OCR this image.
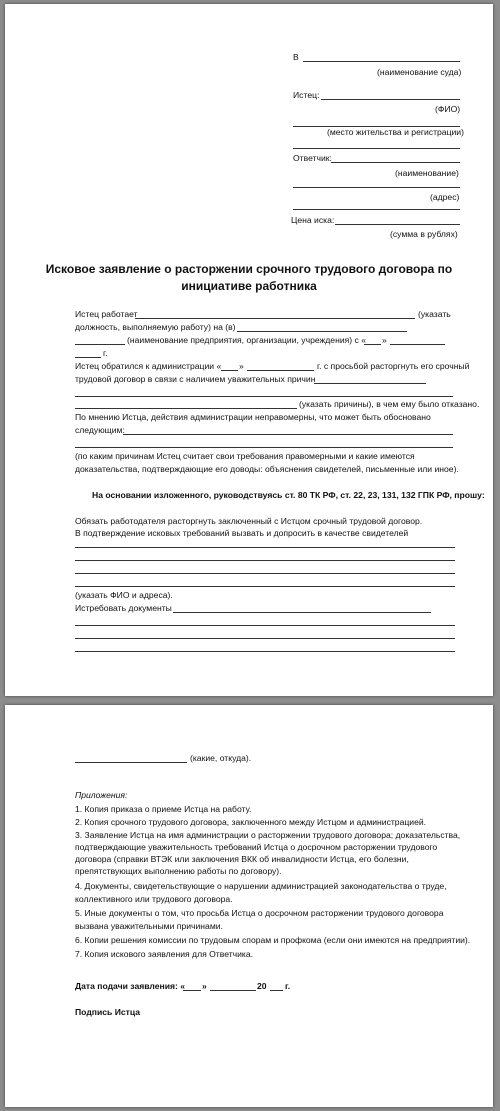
В
(наименование суда)
Истец:
(ФИО)
(место жительства и регистрации)
Ответчик:
(наименование)
(адрес)
Цена иска:
(сумма в рублях)
Исковое заявление о расторжении срочного трудового договора по
инициативе работника
Истец работает	(указать
должность, выполняемую работу) на (в)
(наименование предприятия, организации, учреждения) с « »
г.
Истец обратился к администрации « »	г. с просьбой расторгнуть его срочный
трудовой договор в связи с наличием уважительных причин
(указать причины), в чем ему было отказано.
По мнению Истца, действия администрации неправомерны, что может быть обосновано
следующим:
(по каким причинам Истец считает свои требования правомерными и какие имеются
доказательства, подтверждающие его доводы: объяснения свидетелей, письменные или иное).
На основании изложенного, руководствуясь ст. 80 ТК РФ, ст. 22, 23, 131, 132 ГПК РФ, прошу:
Обязать работодателя расторгнуть заключенный с Истцом срочный трудовой договор.
В подтверждение исковых требований вызвать и допросить в качестве свидетелей
(указать ФИО и адреса).
Истребовать документы
(какие, откуда).
Приложения:
1. Копия приказа о приеме Истца на работу.
2. Копия срочного трудового договора, заключенного между Истцом и администрацией.
3. Заявление Истца на имя администрации о расторжении трудового договора; доказательства,
подтверждающие уважительность требований Истца о досрочном расторжении трудового
договора (справки ВТЭК или заключения ВКК об инвалидности Истца, его болезни,
препятствующих выполнению работы по договору).
4. Документы, свидетельствующие о нарушении администрацией законодательства о труде,
коллективного или трудового договора.
5. Иные документы о том, что просьба Истца о досрочном расторжении трудового договора
вызвана уважительными причинами.
6. Копии решения комиссии по трудовым спорам и профкома (если они имеются на предприятии).
7. Копия искового заявления для Ответчика.
Дата подачи заявления: « »	20 г.
Подпись Истца
